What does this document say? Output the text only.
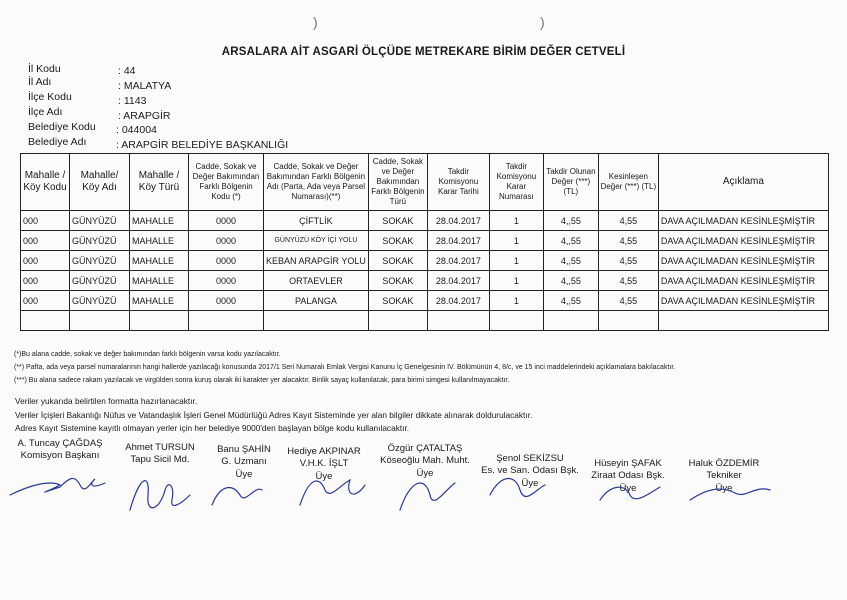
)	)
ARSALARA AİT ASGARİ ÖLÇÜDE METREKARE BİRİM DEĞER CETVELİ
İl Kodu	: 44
İl Adı	: MALATYA
İlçe Kodu	: 1143
İlçe Adı	: ARAPGİR
Belediye Kodu : 044004
Belediye Adı	: ARAPGİR BELEDİYE BAŞKANLIĞI
Mahalle / Köy Kodu	Mahalle/ Köy Adı	Mahalle / Köy Türü	Cadde, Sokak ve Değer Bakımından Farklı Bölgenin Kodu (*)	Cadde, Sokak ve Değer Bakımından Farklı Bölgenin Adı (Parta, Ada veya Parsel Numarası)(**)	Cadde, Sokak ve Değer Bakımından Farklı Bölgenin Türü	Takdir Komisyonu Karar Tarihi	Takdir Komisyonu Karar Numarası	Takdir Olunan Değer (***) (TL)	Kesinleşen Değer (***) (TL)	Açıklama
000	GÜNYÜZÜ	MAHALLE	0000	ÇİFTLİK	SOKAK	28.04.2017	1	4,,55	4,55	DAVA AÇILMADAN KESİNLEŞMİŞTİR
000	GÜNYÜZÜ	MAHALLE	0000	GÜNYÜZÜ KÖY İÇİ YOLU	SOKAK	28.04.2017	1	4,,55	4,55	DAVA AÇILMADAN KESİNLEŞMİŞTİR
000	GÜNYÜZÜ	MAHALLE	0000	KEBAN ARAPGİR YOLU	SOKAK	28.04.2017	1	4,,55	4,55	DAVA AÇILMADAN KESİNLEŞMİŞTİR
000	GÜNYÜZÜ	MAHALLE	0000	ORTAEVLER	SOKAK	28.04.2017	1	4,,55	4,55	DAVA AÇILMADAN KESİNLEŞMİŞTİR
000	GÜNYÜZÜ	MAHALLE	0000	PALANGA	SOKAK	28.04.2017	1	4,,55	4,55	DAVA AÇILMADAN KESİNLEŞMİŞTİR

(*)Bu alana cadde, sokak ve değer bakımından farklı bölgenin varsa kodu yazılacaktır.
(**) Pafta, ada veya parsel numaralarının hangi hallerde yazılacağı konusunda 2017/1 Seri Numaralı Emlak Vergisi Kanunu İç Genelgesinin IV. Bölümünün 4, 8/c, ve 15 inci maddelerindeki açıklamalara bakılacaktır.
(***) Bu alana sadece rakam yazılacak ve virgülden sonra kuruş olarak iki karakter yer alacaktır. Binlik sayaç kullanılacak, para birimi simgesi kullanılmayacaktır.
Veriler yukarıda belirtilen formatta hazırlanacaktır.
Veriler İçişleri Bakanlığı Nüfus ve Vatandaşlık İşleri Genel Müdürlüğü Adres Kayıt Sisteminde yer alan bilgiler dikkate alınarak doldurulacaktır.
Adres Kayıt Sistemine kayıtlı olmayan yerler için her belediye 9000'den başlayan bölge kodu kullanılacaktır.
A. Tuncay ÇAĞDAŞ
Komisyon Başkanı
Ahmet TURSUN
Tapu Sicil Md.
Banu ŞAHİN
G. Uzmanı
Üye
Hediye AKPINAR
V.H.K. İŞLT
Üye
Özgür ÇATALTAŞ
Köseoğlu Mah. Muht.
Üye
Şenol SEKİZSU
Es. ve San. Odası Bşk.
Üye
Hüseyin ŞAFAK
Ziraat Odası Bşk.
Üye
Haluk ÖZDEMİR
Tekniker
Üye
